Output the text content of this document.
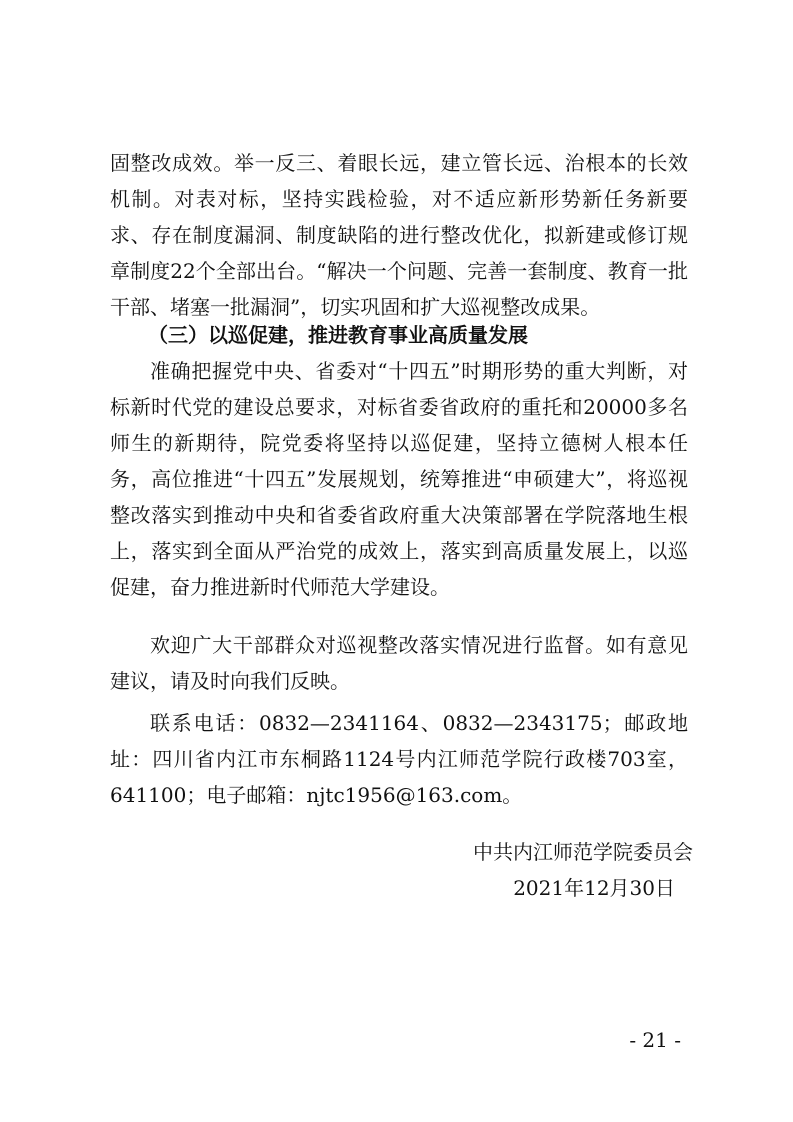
固整改成效。举一反三、着眼长远，建立管长远、治根本的长效机制。对表对标，坚持实践检验，对不适应新形势新任务新要求、存在制度漏洞、制度缺陷的进行整改优化，拟新建或修订规章制度22个全部出台。“解决一个问题、完善一套制度、教育一批干部、堵塞一批漏洞”，切实巩固和扩大巡视整改成果。

（三）以巡促建，推进教育事业高质量发展

准确把握党中央、省委对“十四五”时期形势的重大判断，对标新时代党的建设总要求，对标省委省政府的重托和20000多名师生的新期待，院党委将坚持以巡促建，坚持立德树人根本任务，高位推进“十四五”发展规划，统筹推进“申硕建大”，将巡视整改落实到推动中央和省委省政府重大决策部署在学院落地生根上，落实到全面从严治党的成效上，落实到高质量发展上，以巡促建，奋力推进新时代师范大学建设。

欢迎广大干部群众对巡视整改落实情况进行监督。如有意见建议，请及时向我们反映。

联系电话：0832—2341164、0832—2343175；邮政地址：四川省内江市东桐路1124号内江师范学院行政楼703室，641100；电子邮箱：njtc1956@163.com。

中共内江师范学院委员会

2021年12月30日

- 21 -
